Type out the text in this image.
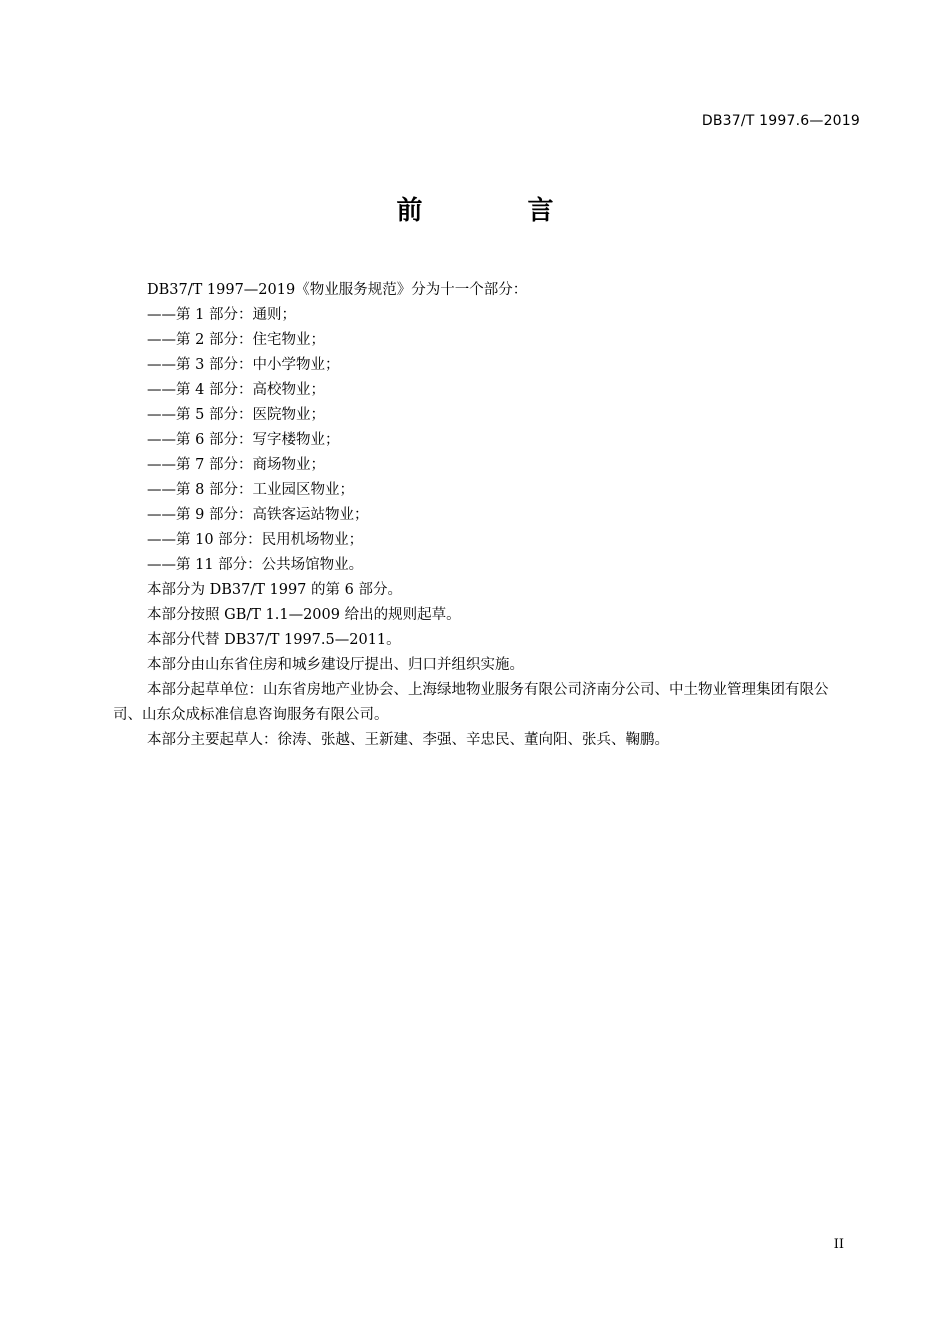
DB37/T 1997.6—2019
前 言

DB37/T 1997—2019《物业服务规范》分为十一个部分：

——第 1 部分：通则；

——第 2 部分：住宅物业；

——第 3 部分：中小学物业；

——第 4 部分：高校物业；

——第 5 部分：医院物业；

——第 6 部分：写字楼物业；

——第 7 部分：商场物业；

——第 8 部分：工业园区物业；

——第 9 部分：高铁客运站物业；

——第 10 部分：民用机场物业；

——第 11 部分：公共场馆物业。

本部分为 DB37/T 1997 的第 6 部分。

本部分按照 GB/T 1.1—2009 给出的规则起草。

本部分代替 DB37/T 1997.5—2011。

本部分由山东省住房和城乡建设厅提出、归口并组织实施。

本部分起草单位：山东省房地产业协会、上海绿地物业服务有限公司济南分公司、中土物业管理集团有限公司、山东众成标准信息咨询服务有限公司。

本部分主要起草人：徐涛、张越、王新建、李强、辛忠民、董向阳、张兵、鞠鹏。

II
